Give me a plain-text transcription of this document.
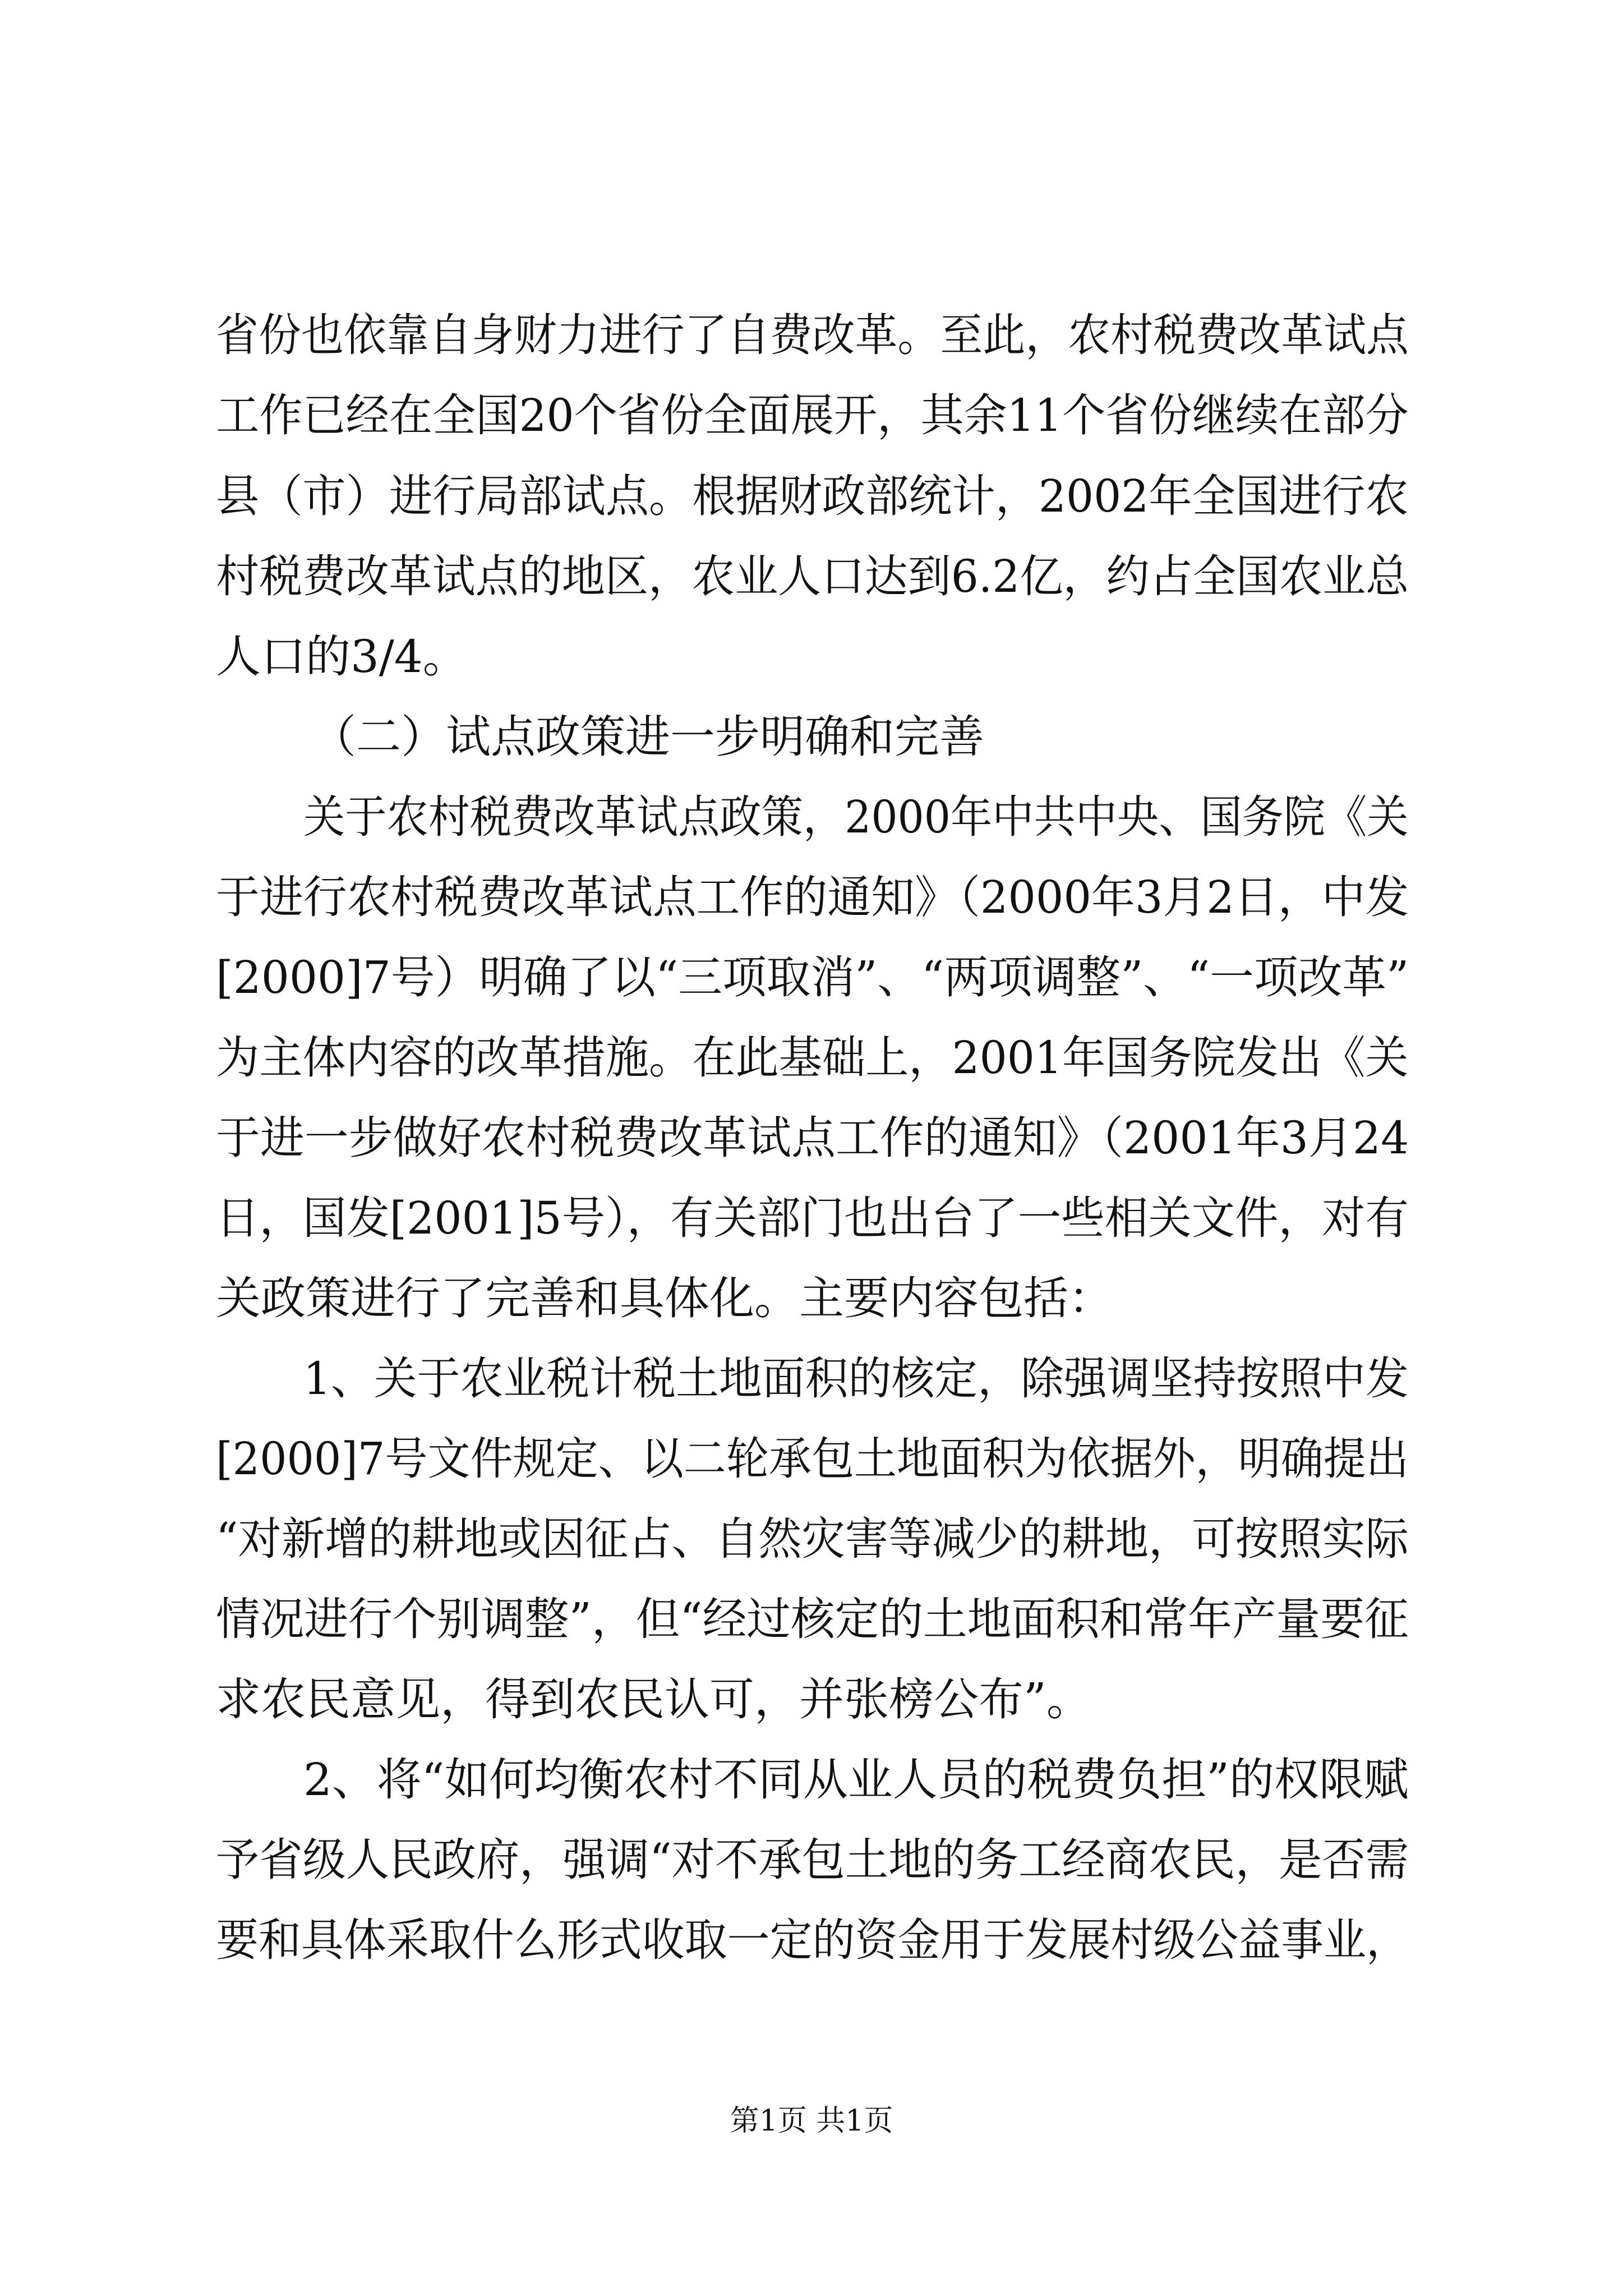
省份也依靠自身财力进行了自费改革。至此，农村税费改革试点
工作已经在全国20个省份全面展开，其余11个省份继续在部分
县（市）进行局部试点。根据财政部统计，2002年全国进行农
村税费改革试点的地区，农业人口达到6.2亿，约占全国农业总
人口的3/4。
（二）试点政策进一步明确和完善
关于农村税费改革试点政策，2000年中共中央、国务院《关
于进行农村税费改革试点工作的通知》（2000年3月2日，中发
[2000]7号）明确了以“三项取消”、“两项调整”、“一项改革”
为主体内容的改革措施。在此基础上，2001年国务院发出《关
于进一步做好农村税费改革试点工作的通知》（2001年3月24
日，国发[2001]5号），有关部门也出台了一些相关文件，对有
关政策进行了完善和具体化。主要内容包括：
1、关于农业税计税土地面积的核定，除强调坚持按照中发
[2000]7号文件规定、以二轮承包土地面积为依据外，明确提出
“对新增的耕地或因征占、自然灾害等减少的耕地，可按照实际
情况进行个别调整”，但“经过核定的土地面积和常年产量要征
求农民意见，得到农民认可，并张榜公布”。
2、将“如何均衡农村不同从业人员的税费负担”的权限赋
予省级人民政府，强调“对不承包土地的务工经商农民，是否需
要和具体采取什么形式收取一定的资金用于发展村级公益事业，
第1页 共1页
